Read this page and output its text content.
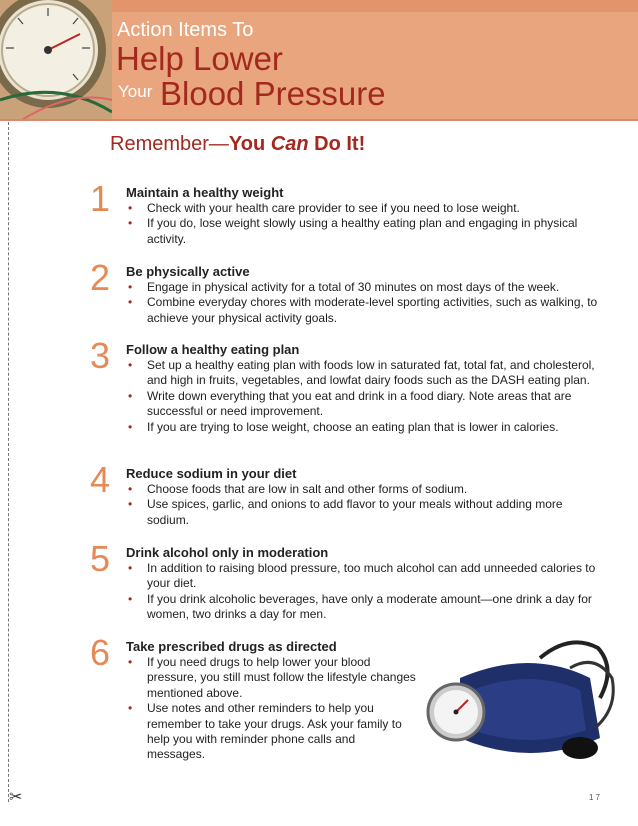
Action Items To
Help Lower
Your Blood Pressure
✂
Remember—You Can Do It!
1 Maintain a healthy weight
• Check with your health care provider to see if you need to lose weight.
• If you do, lose weight slowly using a healthy eating plan and engaging in physical activity.
2 Be physically active
• Engage in physical activity for a total of 30 minutes on most days of the week.
• Combine everyday chores with moderate-level sporting activities, such as walking, to achieve your physical activity goals.
3 Follow a healthy eating plan
• Set up a healthy eating plan with foods low in saturated fat, total fat, and cholesterol, and high in fruits, vegetables, and lowfat dairy foods such as the DASH eating plan.
• Write down everything that you eat and drink in a food diary. Note areas that are successful or need improvement.
• If you are trying to lose weight, choose an eating plan that is lower in calories.
4 Reduce sodium in your diet
• Choose foods that are low in salt and other forms of sodium.
• Use spices, garlic, and onions to add flavor to your meals without adding more sodium.
5 Drink alcohol only in moderation
• In addition to raising blood pressure, too much alcohol can add unneeded calories to your diet.
• If you drink alcoholic beverages, have only a moderate amount—one drink a day for women, two drinks a day for men.
6 Take prescribed drugs as directed
• If you need drugs to help lower your blood pressure, you still must follow the lifestyle changes mentioned above.
• Use notes and other reminders to help you remember to take your drugs. Ask your family to help you with reminder phone calls and messages.
17
